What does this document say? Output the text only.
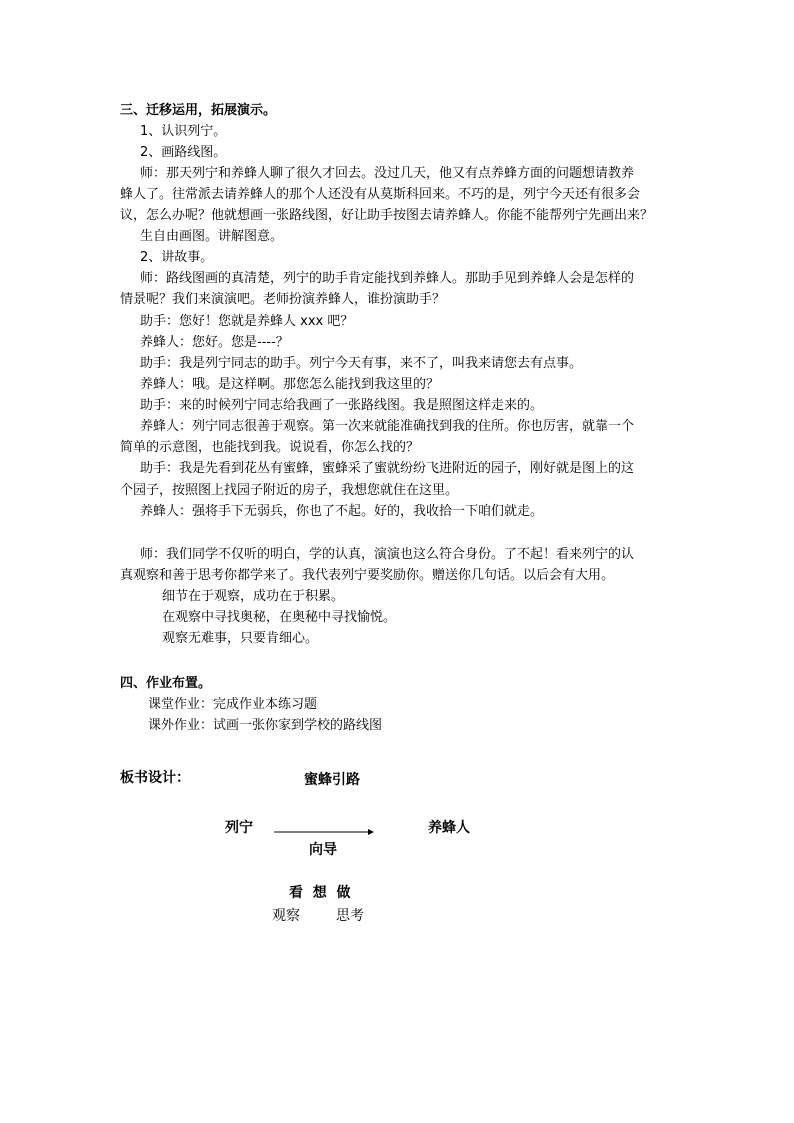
三、迁移运用，拓展演示。
1、认识列宁。
2、画路线图。
师：那天列宁和养蜂人聊了很久才回去。没过几天，他又有点养蜂方面的问题想请教养
蜂人了。往常派去请养蜂人的那个人还没有从莫斯科回来。不巧的是，列宁今天还有很多会
议，怎么办呢？他就想画一张路线图，好让助手按图去请养蜂人。你能不能帮列宁先画出来？
生自由画图。讲解图意。
2、讲故事。
师：路线图画的真清楚，列宁的助手肯定能找到养蜂人。那助手见到养蜂人会是怎样的
情景呢？我们来演演吧。老师扮演养蜂人，谁扮演助手？
助手：您好！您就是养蜂人 xxx 吧？
养蜂人：您好。您是----？
助手：我是列宁同志的助手。列宁今天有事，来不了，叫我来请您去有点事。
养蜂人：哦。是这样啊。那您怎么能找到我这里的？
助手：来的时候列宁同志给我画了一张路线图。我是照图这样走来的。
养蜂人：列宁同志很善于观察。第一次来就能准确找到我的住所。你也厉害，就靠一个
简单的示意图，也能找到我。说说看，你怎么找的？
助手：我是先看到花丛有蜜蜂，蜜蜂采了蜜就纷纷飞进附近的园子，刚好就是图上的这
个园子，按照图上找园子附近的房子，我想您就住在这里。
养蜂人：强将手下无弱兵，你也了不起。好的，我收拾一下咱们就走。
师：我们同学不仅听的明白，学的认真，演演也这么符合身份。了不起！看来列宁的认
真观察和善于思考你都学来了。我代表列宁要奖励你。赠送你几句话。以后会有大用。
细节在于观察，成功在于积累。
在观察中寻找奥秘，在奥秘中寻找愉悦。
观察无难事，只要肯细心。
四、作业布置。
课堂作业：完成作业本练习题
课外作业：试画一张你家到学校的路线图
板书设计：	蜜蜂引路
列宁	养蜂人
向导
看  想  做
观察	思考
